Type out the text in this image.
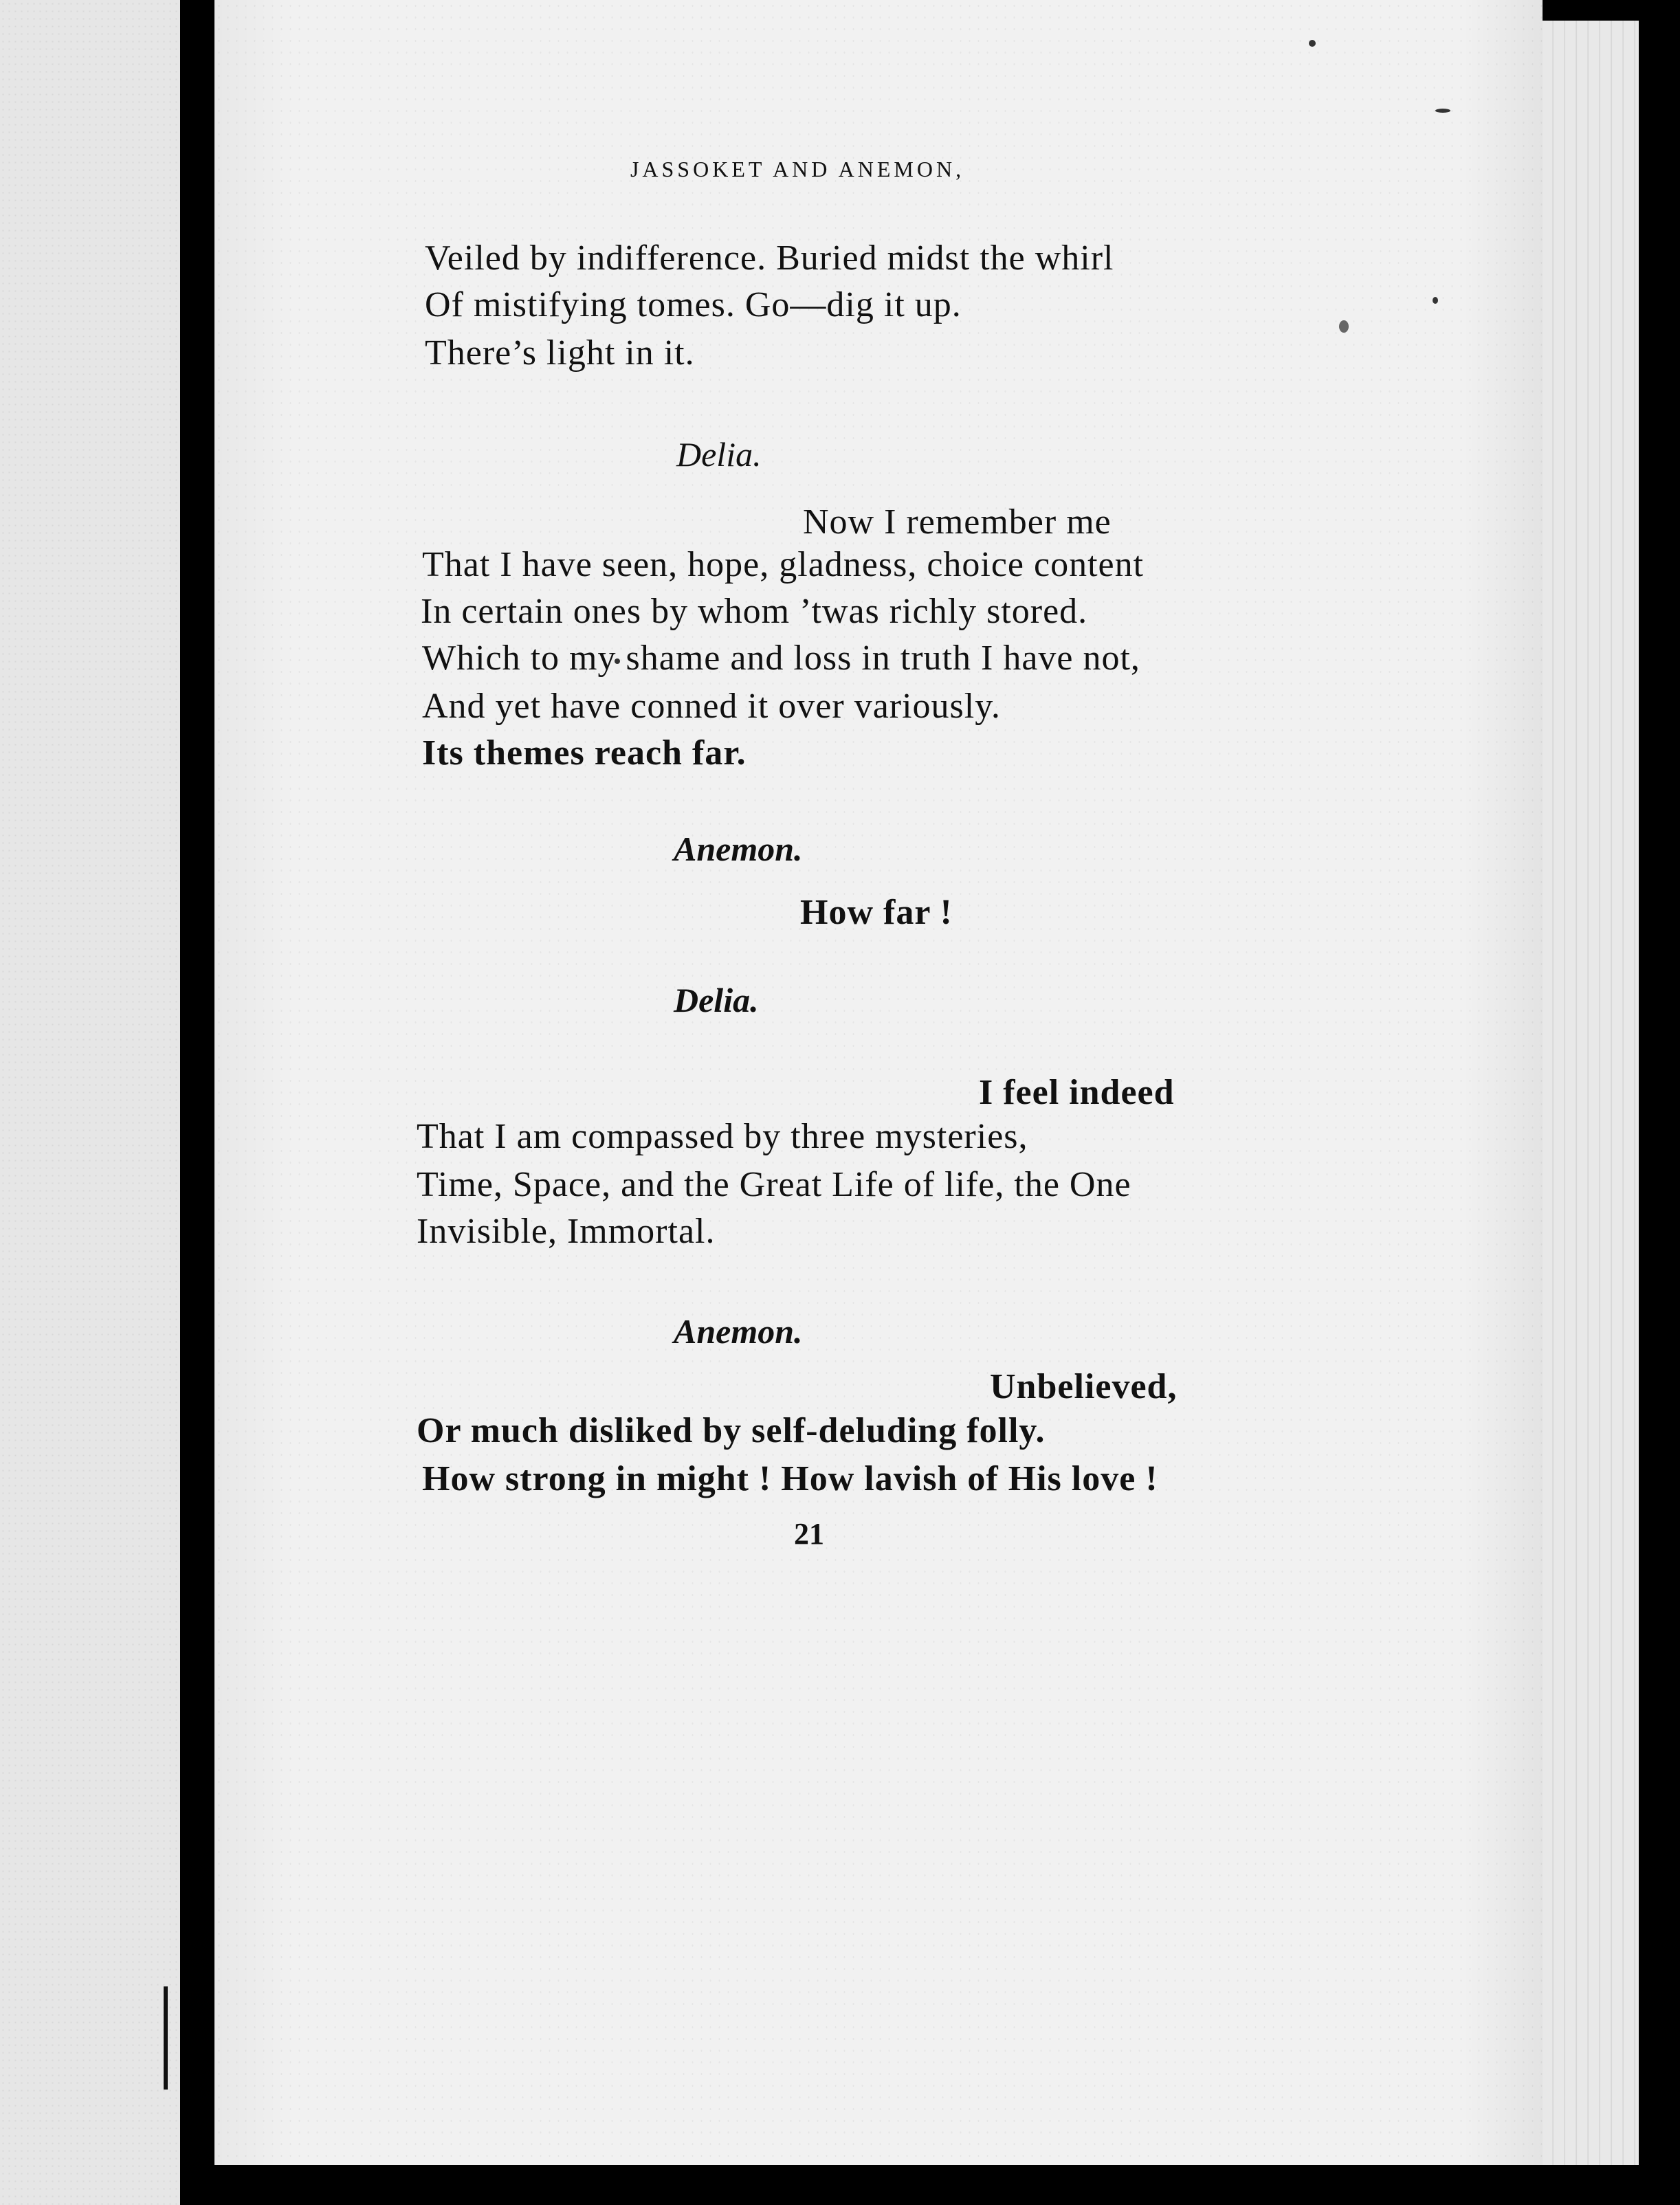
JASSOKET AND ANEMON,
Veiled by indifference. Buried midst the whirl
Of mistifying tomes. Go—dig it up.
There’s light in it.
Delia.
Now I remember me
That I have seen, hope, gladness, choice content
In certain ones by whom ’twas richly stored.
Which to my shame and loss in truth I have not,
And yet have conned it over variously.
Its themes reach far.
Anemon.
How far !
Delia.
I feel indeed
That I am compassed by three mysteries,
Time, Space, and the Great Life of life, the One
Invisible, Immortal.
Anemon.
Unbelieved,
Or much disliked by self-deluding folly.
How strong in might ! How lavish of His love !
21
